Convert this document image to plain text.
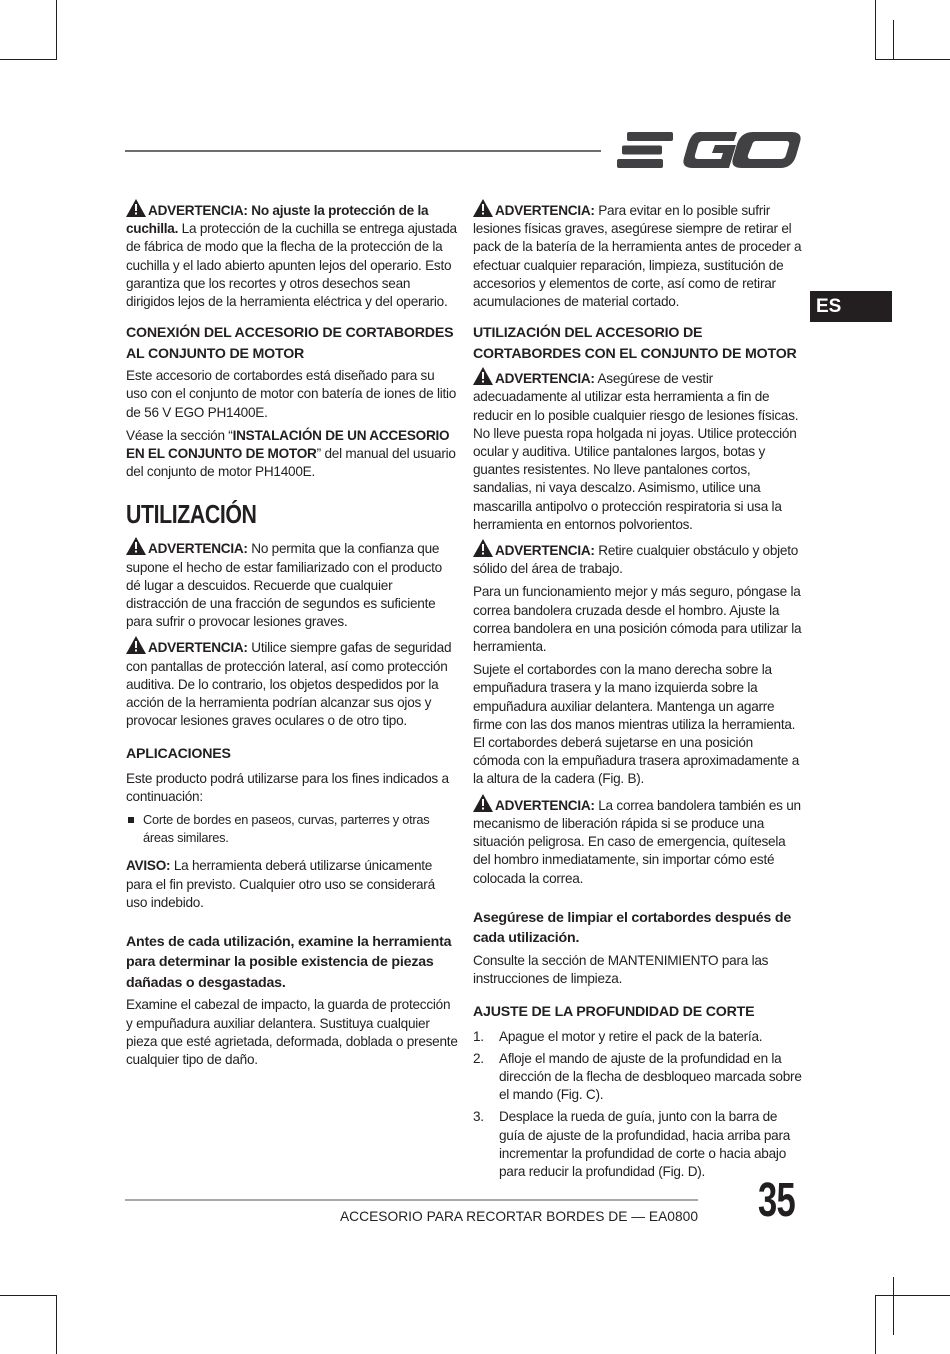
ES

ADVERTENCIA: No ajuste la protección de la cuchilla. La protección de la cuchilla se entrega ajustada de fábrica de modo que la flecha de la protección de la cuchilla y el lado abierto apunten lejos del operario. Esto garantiza que los recortes y otros desechos sean dirigidos lejos de la herramienta eléctrica y del operario.

CONEXIÓN DEL ACCESORIO DE CORTABORDES AL CONJUNTO DE MOTOR

Este accesorio de cortabordes está diseñado para su uso con el conjunto de motor con batería de iones de litio de 56 V EGO PH1400E.

Véase la sección “INSTALACIÓN DE UN ACCESORIO EN EL CONJUNTO DE MOTOR” del manual del usuario del conjunto de motor PH1400E.

UTILIZACIÓN

ADVERTENCIA: No permita que la confianza que supone el hecho de estar familiarizado con el producto dé lugar a descuidos. Recuerde que cualquier distracción de una fracción de segundos es suficiente para sufrir o provocar lesiones graves.

ADVERTENCIA: Utilice siempre gafas de seguridad con pantallas de protección lateral, así como protección auditiva. De lo contrario, los objetos despedidos por la acción de la herramienta podrían alcanzar sus ojos y provocar lesiones graves oculares o de otro tipo.

APLICACIONES

Este producto podrá utilizarse para los fines indicados a continuación:

Corte de bordes en paseos, curvas, parterres y otras áreas similares.

AVISO: La herramienta deberá utilizarse únicamente para el fin previsto. Cualquier otro uso se considerará uso indebido.

Antes de cada utilización, examine la herramienta para determinar la posible existencia de piezas dañadas o desgastadas.

Examine el cabezal de impacto, la guarda de protección y empuñadura auxiliar delantera. Sustituya cualquier pieza que esté agrietada, deformada, doblada o presente cualquier tipo de daño.

ADVERTENCIA: Para evitar en lo posible sufrir lesiones físicas graves, asegúrese siempre de retirar el pack de la batería de la herramienta antes de proceder a efectuar cualquier reparación, limpieza, sustitución de accesorios y elementos de corte, así como de retirar acumulaciones de material cortado.

UTILIZACIÓN DEL ACCESORIO DE CORTABORDES CON EL CONJUNTO DE MOTOR

ADVERTENCIA: Asegúrese de vestir adecuadamente al utilizar esta herramienta a fin de reducir en lo posible cualquier riesgo de lesiones físicas. No lleve puesta ropa holgada ni joyas. Utilice protección ocular y auditiva. Utilice pantalones largos, botas y guantes resistentes. No lleve pantalones cortos, sandalias, ni vaya descalzo. Asimismo, utilice una mascarilla antipolvo o protección respiratoria si usa la herramienta en entornos polvorientos.

ADVERTENCIA: Retire cualquier obstáculo y objeto sólido del área de trabajo.

Para un funcionamiento mejor y más seguro, póngase la correa bandolera cruzada desde el hombro. Ajuste la correa bandolera en una posición cómoda para utilizar la herramienta.

Sujete el cortabordes con la mano derecha sobre la empuñadura trasera y la mano izquierda sobre la empuñadura auxiliar delantera. Mantenga un agarre firme con las dos manos mientras utiliza la herramienta. El cortabordes deberá sujetarse en una posición cómoda con la empuñadura trasera aproximadamente a la altura de la cadera (Fig. B).

ADVERTENCIA: La correa bandolera también es un mecanismo de liberación rápida si se produce una situación peligrosa. En caso de emergencia, quítesela del hombro inmediatamente, sin importar cómo esté colocada la correa.

Asegúrese de limpiar el cortabordes después de cada utilización.

Consulte la sección de MANTENIMIENTO para las instrucciones de limpieza.

AJUSTE DE LA PROFUNDIDAD DE CORTE
1. Apague el motor y retire el pack de la batería.
2. Afloje el mando de ajuste de la profundidad en la dirección de la flecha de desbloqueo marcada sobre el mando (Fig. C).
3. Desplace la rueda de guía, junto con la barra de guía de ajuste de la profundidad, hacia arriba para incrementar la profundidad de corte o hacia abajo para reducir la profundidad (Fig. D).
ACCESORIO PARA RECORTAR BORDES DE — EA0800 35
